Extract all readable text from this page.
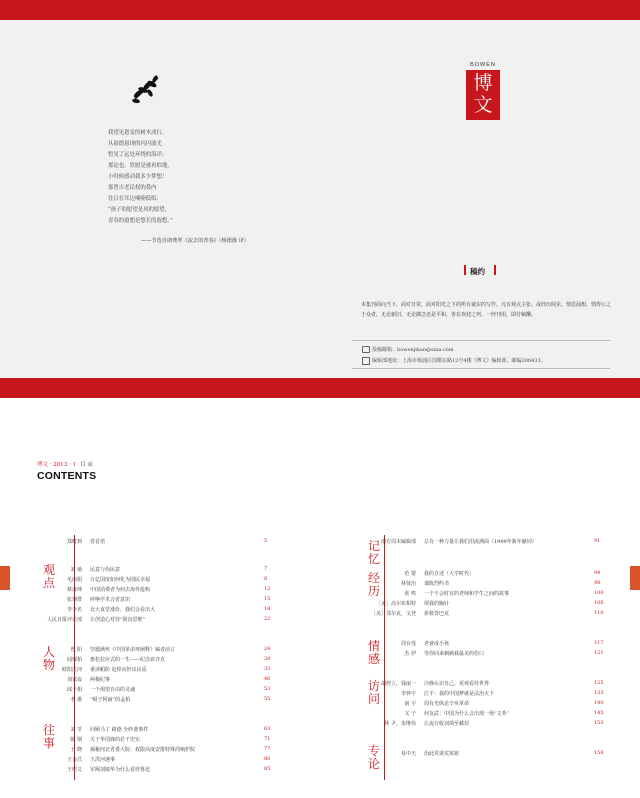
我望见恩宠的树木成行，
从悬德悬现的闪闪波光
暂见了远处环绕的海洋；
那论也，欣慰是被再似地，
小时候感动我多少梦想！
那曾古老民权的鼻内
往日在耳边喃喃低唱：
“孩子的愿望是风的愿望，
青春的遐想是悠长的遐想。”
——节选自朗费罗《流去的青春》（杨德豫 译）
BOWEN
博文
稿约
本集刊面向当下，面对日常，面对阳光之下的所有诚实的写作。凡有观点主张、或经历阅见、情思涌想、情得公之于众者，无论新旧、无论擒急还是平和，皆在欢迎之列。一经刊用，即付稿酬。
投稿邮箱：bowenjikan@sina.com
编辑部地址：上海市杨浦区国顺东路12号4楼《博文》编辑部，邮编200433。
博文 · 2013 · 1 目 录
CONTENTS
观点
人物
往事
记忆
经历
情感
访问
专论
郑时莉 卷首语	5
刘 瑜 民意与伪民意	7
毛丽娟 万亿国度如何化为国民幸福	8
蔡彦坤 中国消费者为何去海外抢购	12
张理群 呼唤学术合省意识	15
李令名 北大食堂涨价，我们会看出大	18
人民日报评论部 让创造心对待“阴沟思维”	22
曾 阳 坚德满怀《中国革命再阐释》编者前言	24
闻琛柏 惠松拉应式的一生——纪念谚齐克	28
欧阳江河 重读帕防 追悼向轩议民谣	33
刘家寂 两极纪事	46
邱卡相 一个渴望自由的灵魂	53
老 愚 “嗝子阿丽”的孟柏	55
刘 苓 回顾马丁 路德 全纱袭事件	63
陈 钢 关于华国锋的若干史实	71
王 晓 揭秘河北省委大院：权限高度安排特殊尚响护院	77
王金昌 王洪河遇事	80
王绍义 军阀刘镇华为什么看待鲁迅	85
南方周末编辑部 总有一种力量让我们泪流满面（1999年新年献词）	91
范 蒙 我的自述（大学时代）	94
林贤治 课陈烈约书	98
张 鸣 一个不会时宜的老师和学生之间的故事	100
［美］高尔布相特 谭我的胸针	106
［美］邻尔克，戈登 拼救背巴克	110
周台莲 老爸成小孩	117
杰 伊 等你回来刺痛我最美的伤口	121
胡舒立，钱丽一 冷静认识自己，更观看待世界	125
李钟宇 江平：我的中国梦就是法治天下	133
南 宇 周有光纵论辛亥革命	140
又 子 何友武：中国为什么会出现一场“文革”	145
林 尹，朱继伟 让流行收词填至藏封	153
易中天 治此党谈荒寓铭	158
